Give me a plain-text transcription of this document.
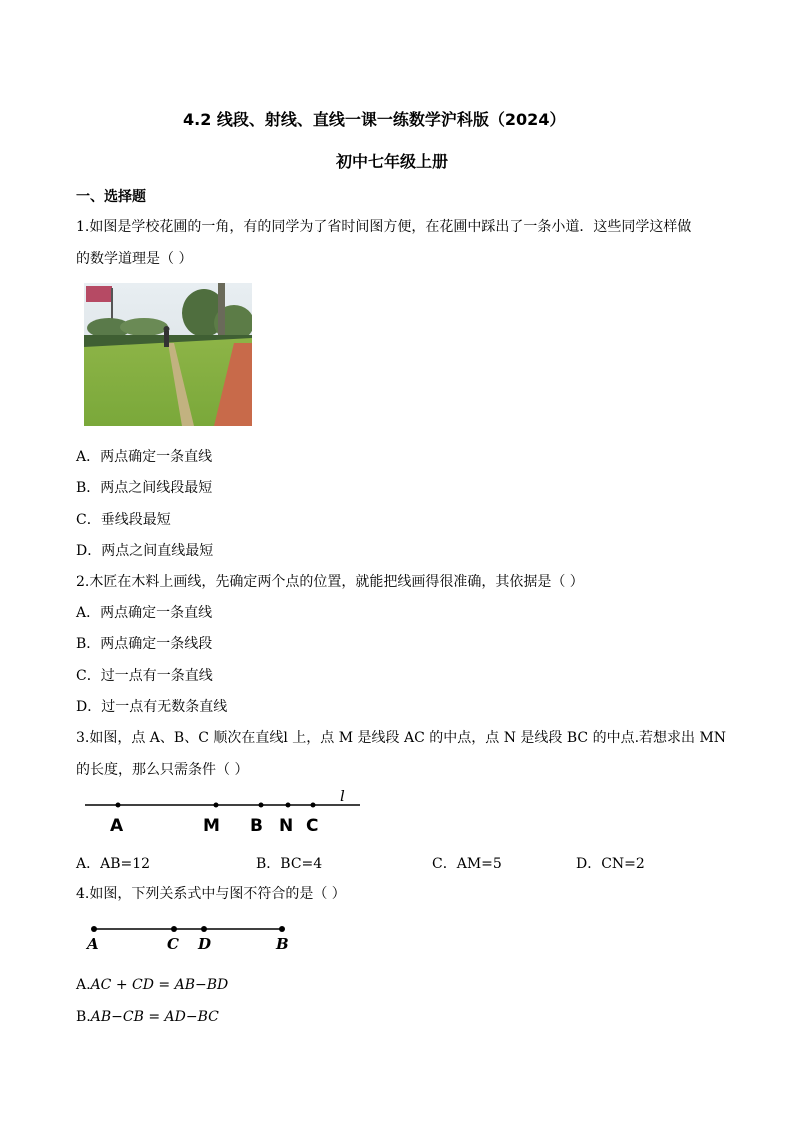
4.2 线段、射线、直线一课一练数学沪科版（2024）
初中七年级上册
一、选择题
1.如图是学校花圃的一角，有的同学为了省时间图方便，在花圃中踩出了一条小道．这些同学这样做
的数学道理是（ ）
A．两点确定一条直线
B．两点之间线段最短
C．垂线段最短
D．两点之间直线最短
2.木匠在木料上画线，先确定两个点的位置，就能把线画得很准确，其依据是（ ）
A．两点确定一条直线
B．两点确定一条线段
C．过一点有一条直线
D．过一点有无数条直线
3.如图，点 A、B、C 顺次在直线l 上，点 M 是线段 AC 的中点，点 N 是线段 BC 的中点.若想求出 MN
的长度，那么只需条件（ ）
A	M B N C
l
A．AB=12	B．BC=4	C．AM=5	D．CN=2
4.如图，下列关系式中与图不符合的是（ ）
A	C D	B
A.AC + CD = AB−BD
B.AB−CB = AD−BC
